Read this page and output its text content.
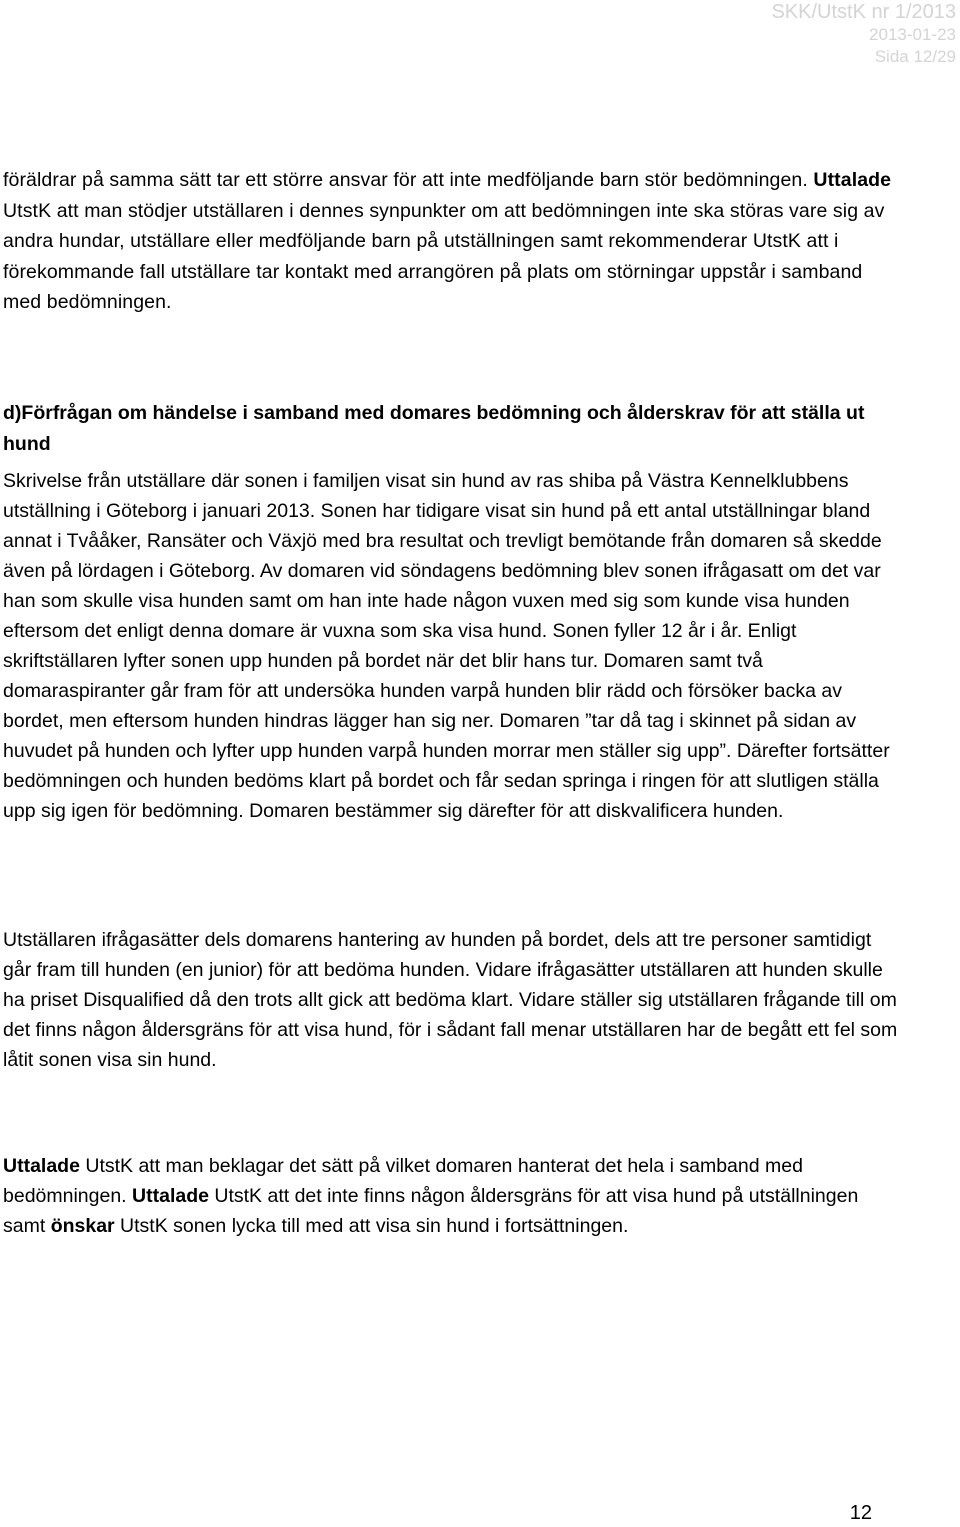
SKK/UtstK nr 1/2013
2013-01-23
Sida 12/29

föräldrar på samma sätt tar ett större ansvar för att inte medföljande barn stör bedömningen. Uttalade UtstK att man stödjer utställaren i dennes synpunkter om att bedömningen inte ska störas vare sig av andra hundar, utställare eller medföljande barn på utställningen samt rekommenderar UtstK att i förekommande fall utställare tar kontakt med arrangören på plats om störningar uppstår i samband med bedömningen.

d)Förfrågan om händelse i samband med domares bedömning och ålderskrav för att ställa ut hund

Skrivelse från utställare där sonen i familjen visat sin hund av ras shiba på Västra Kennelklubbens utställning i Göteborg i januari 2013. Sonen har tidigare visat sin hund på ett antal utställningar bland annat i Tvååker, Ransäter och Växjö med bra resultat och trevligt bemötande från domaren så skedde även på lördagen i Göteborg. Av domaren vid söndagens bedömning blev sonen ifrågasatt om det var han som skulle visa hunden samt om han inte hade någon vuxen med sig som kunde visa hunden eftersom det enligt denna domare är vuxna som ska visa hund. Sonen fyller 12 år i år. Enligt skriftställaren lyfter sonen upp hunden på bordet när det blir hans tur. Domaren samt två domaraspiranter går fram för att undersöka hunden varpå hunden blir rädd och försöker backa av bordet, men eftersom hunden hindras lägger han sig ner. Domaren ”tar då tag i skinnet på sidan av huvudet på hunden och lyfter upp hunden varpå hunden morrar men ställer sig upp”. Därefter fortsätter bedömningen och hunden bedöms klart på bordet och får sedan springa i ringen för att slutligen ställa upp sig igen för bedömning. Domaren bestämmer sig därefter för att diskvalificera hunden.

Utställaren ifrågasätter dels domarens hantering av hunden på bordet, dels att tre personer samtidigt går fram till hunden (en junior) för att bedöma hunden. Vidare ifrågasätter utställaren att hunden skulle ha priset Disqualified då den trots allt gick att bedöma klart. Vidare ställer sig utställaren frågande till om det finns någon åldersgräns för att visa hund, för i sådant fall menar utställaren har de begått ett fel som låtit sonen visa sin hund.

Uttalade UtstK att man beklagar det sätt på vilket domaren hanterat det hela i samband med bedömningen. Uttalade UtstK att det inte finns någon åldersgräns för att visa hund på utställningen samt önskar UtstK sonen lycka till med att visa sin hund i fortsättningen.

12
